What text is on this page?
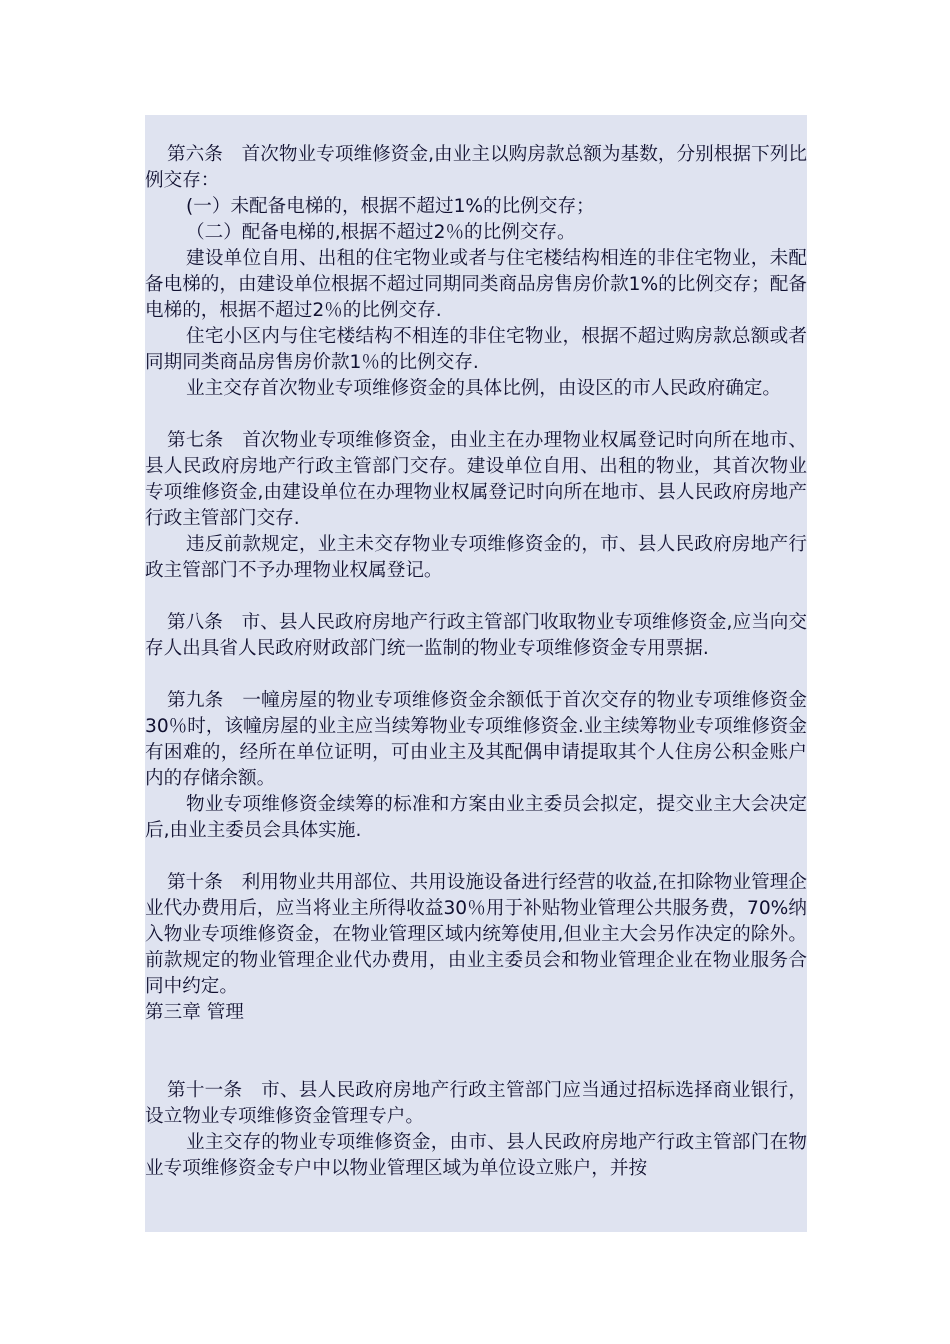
第六条　首次物业专项维修资金,由业主以购房款总额为基数，分别根据下列比例交存：

(一）未配备电梯的，根据不超过1%的比例交存；

（二）配备电梯的,根据不超过2％的比例交存。

建设单位自用、出租的住宅物业或者与住宅楼结构相连的非住宅物业，未配备电梯的，由建设单位根据不超过同期同类商品房售房价款1%的比例交存；配备电梯的，根据不超过2％的比例交存.

住宅小区内与住宅楼结构不相连的非住宅物业，根据不超过购房款总额或者同期同类商品房售房价款1％的比例交存.

业主交存首次物业专项维修资金的具体比例，由设区的市人民政府确定。

第七条　首次物业专项维修资金，由业主在办理物业权属登记时向所在地市、县人民政府房地产行政主管部门交存。建设单位自用、出租的物业，其首次物业专项维修资金,由建设单位在办理物业权属登记时向所在地市、县人民政府房地产行政主管部门交存.

违反前款规定，业主未交存物业专项维修资金的，市、县人民政府房地产行政主管部门不予办理物业权属登记。

第八条　市、县人民政府房地产行政主管部门收取物业专项维修资金,应当向交存人出具省人民政府财政部门统一监制的物业专项维修资金专用票据.

第九条　一幢房屋的物业专项维修资金余额低于首次交存的物业专项维修资金30％时，该幢房屋的业主应当续筹物业专项维修资金.业主续筹物业专项维修资金有困难的，经所在单位证明，可由业主及其配偶申请提取其个人住房公积金账户内的存储余额。

物业专项维修资金续筹的标准和方案由业主委员会拟定，提交业主大会决定后,由业主委员会具体实施.

第十条　利用物业共用部位、共用设施设备进行经营的收益,在扣除物业管理企业代办费用后，应当将业主所得收益30％用于补贴物业管理公共服务费，70%纳入物业专项维修资金，在物业管理区域内统筹使用,但业主大会另作决定的除外。前款规定的物业管理企业代办费用，由业主委员会和物业管理企业在物业服务合同中约定。

第三章 管理

第十一条　市、县人民政府房地产行政主管部门应当通过招标选择商业银行，设立物业专项维修资金管理专户。

业主交存的物业专项维修资金，由市、县人民政府房地产行政主管部门在物业专项维修资金专户中以物业管理区域为单位设立账户，并按
